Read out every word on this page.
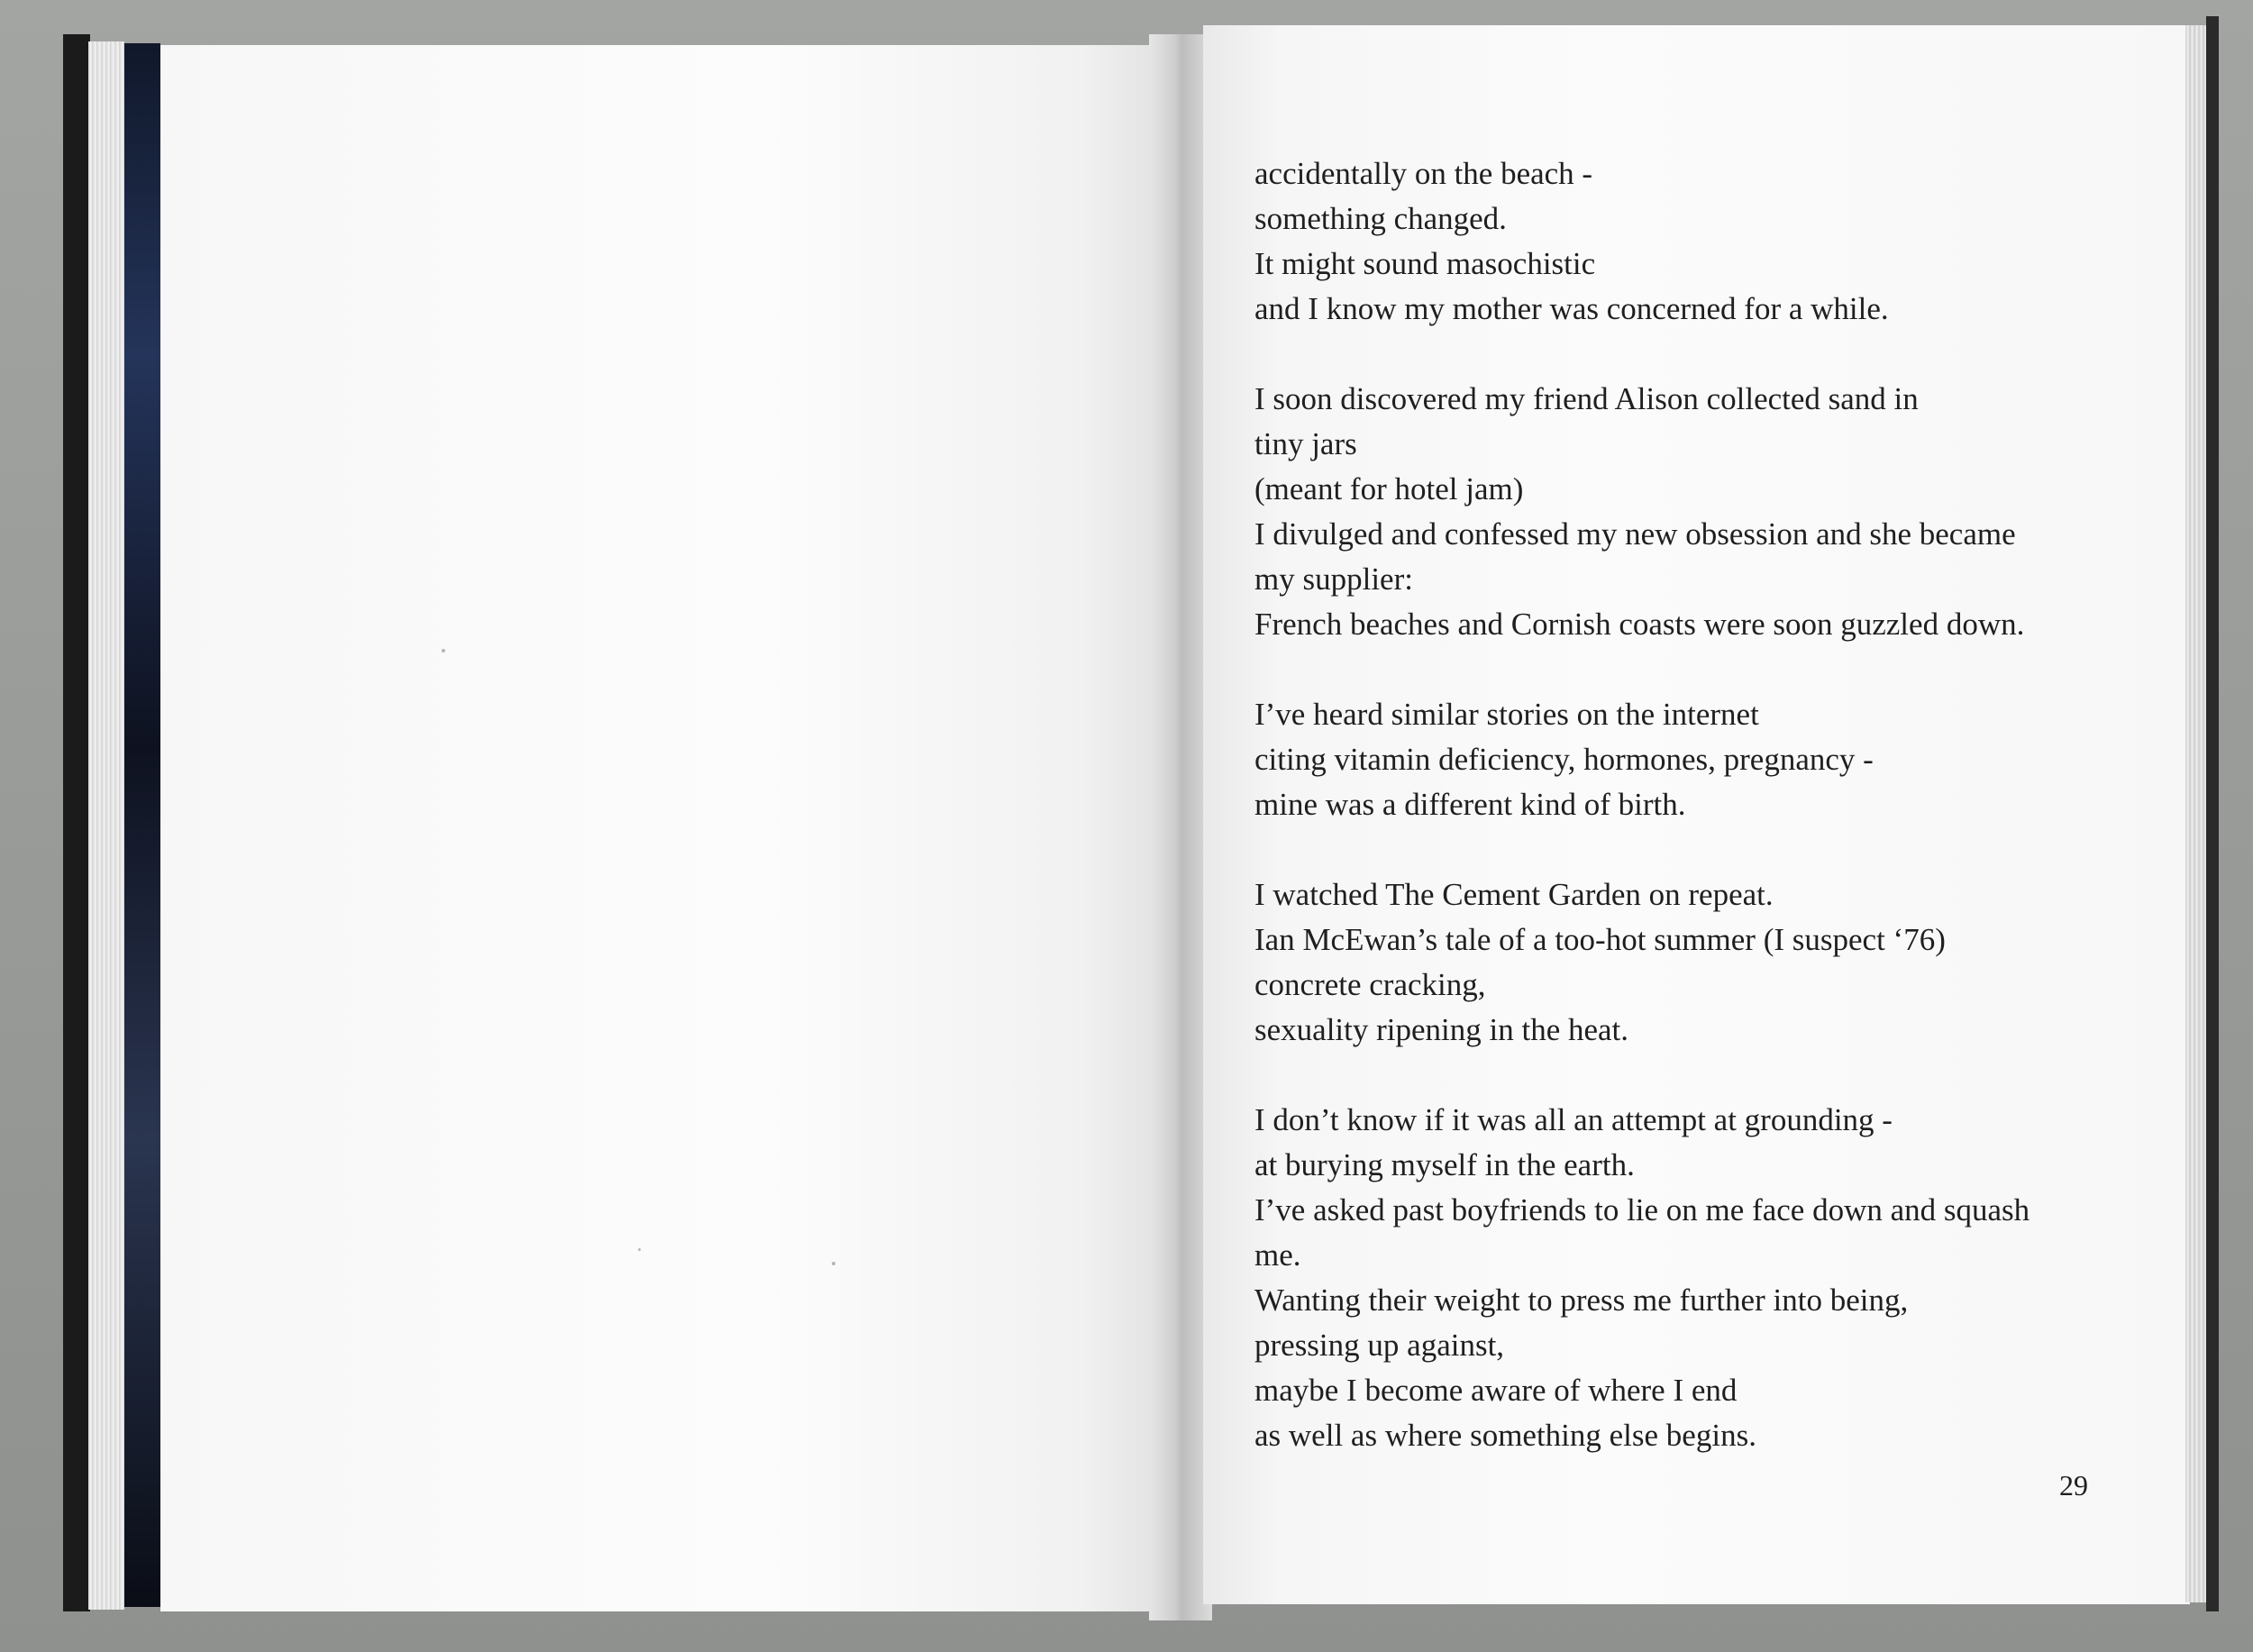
accidentally on the beach -
something changed.
It might sound masochistic
and I know my mother was concerned for a while.
I soon discovered my friend Alison collected sand in
tiny jars
(meant for hotel jam)
I divulged and confessed my new obsession and she became
my supplier:
French beaches and Cornish coasts were soon guzzled down.
I’ve heard similar stories on the internet
citing vitamin deficiency, hormones, pregnancy -
mine was a different kind of birth.
I watched The Cement Garden on repeat.
Ian McEwan’s tale of a too-hot summer (I suspect ‘76)
concrete cracking,
sexuality ripening in the heat.
I don’t know if it was all an attempt at grounding -
at burying myself in the earth.
I’ve asked past boyfriends to lie on me face down and squash
me.
Wanting their weight to press me further into being,
pressing up against,
maybe I become aware of where I end
as well as where something else begins.
29
